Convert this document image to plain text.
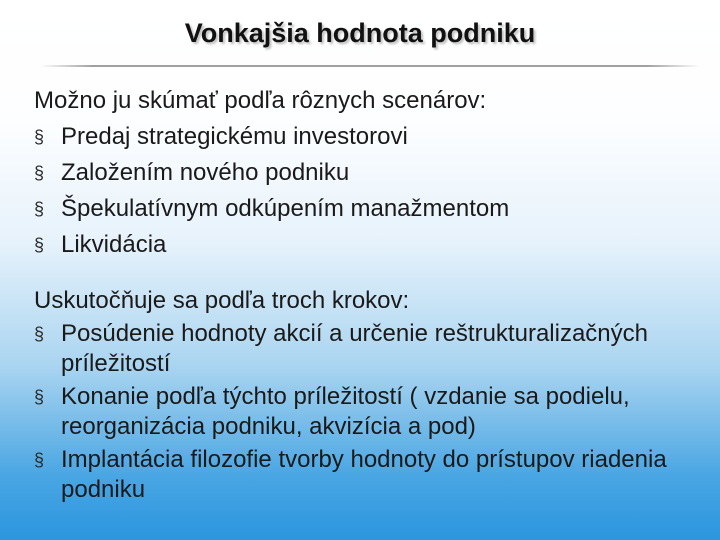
Vonkajšia hodnota podniku

Možno ju skúmať podľa rôznych scenárov:

§ Predaj strategickému investorovi
§ Založením nového podniku
§ Špekulatívnym odkúpením manažmentom
§ Likvidácia

Uskutočňuje sa podľa troch krokov:

§ Posúdenie hodnoty akcií a určenie reštrukturalizačných príležitostí
§ Konanie podľa týchto príležitostí ( vzdanie sa podielu, reorganizácia podniku, akvizícia a pod)
§ Implantácia filozofie tvorby hodnoty do prístupov riadenia podniku
